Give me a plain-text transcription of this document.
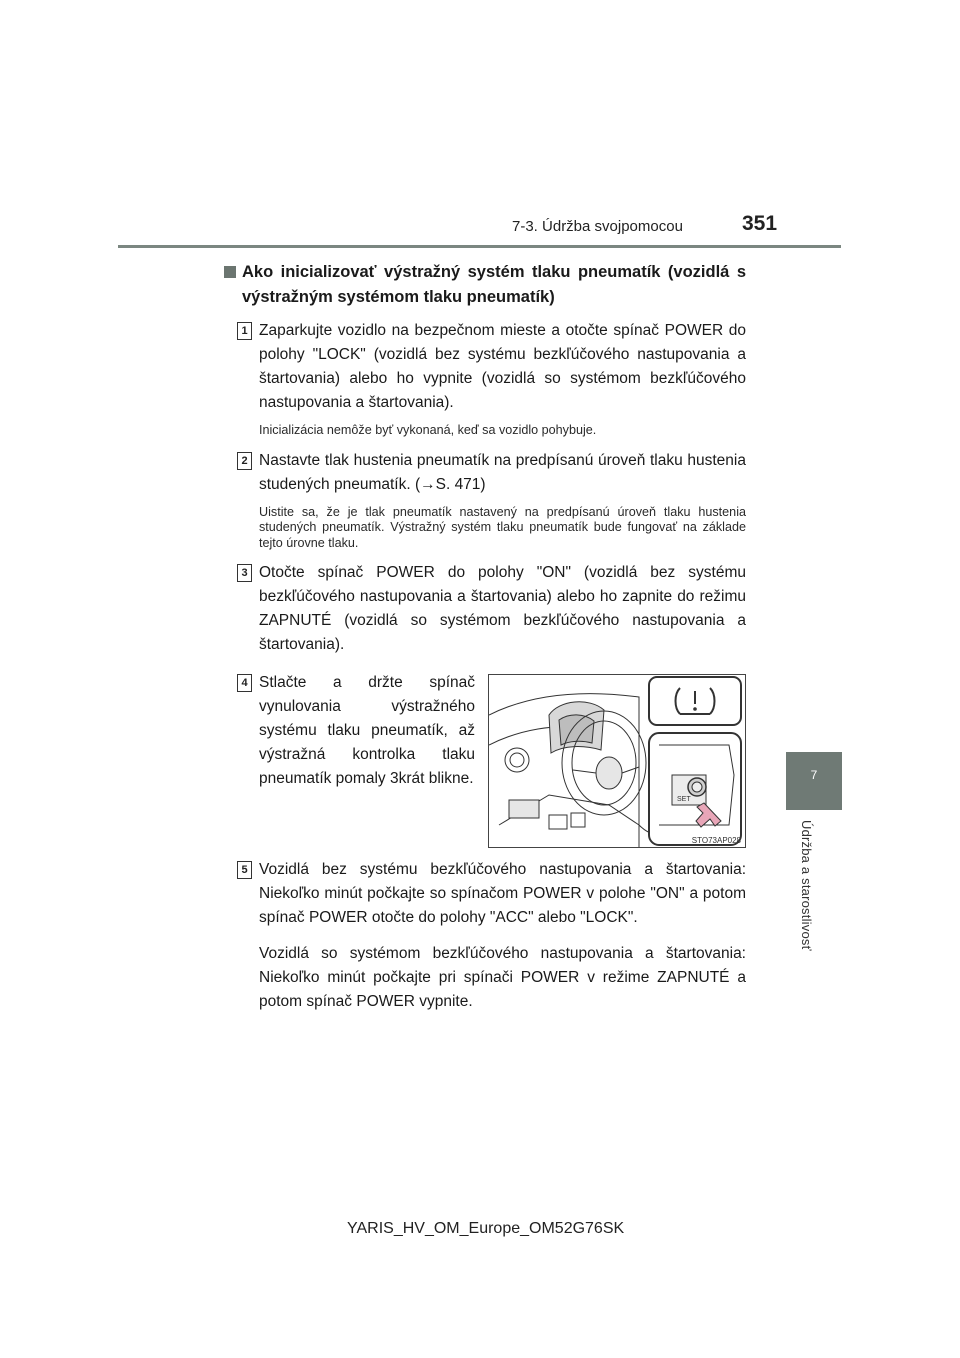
7-3. Údržba svojpomocou	351
7
Údržba a starostlivosť
Ako inicializovať výstražný systém tlaku pneumatík (vozidlá s výstražným systémom tlaku pneumatík)
1 Zaparkujte vozidlo na bezpečnom mieste a otočte spínač POWER do polohy "LOCK" (vozidlá bez systému bezkľúčového nastupovania a štartovania) alebo ho vypnite (vozidlá so systémom bezkľúčového nastupovania a štartovania).

Inicializácia nemôže byť vykonaná, keď sa vozidlo pohybuje.

2 Nastavte tlak hustenia pneumatík na predpísanú úroveň tlaku hustenia studených pneumatík. (→S. 471)

Uistite sa, že je tlak pneumatík nastavený na predpísanú úroveň tlaku hustenia studených pneumatík. Výstražný systém tlaku pneumatík bude fungovať na základe tejto úrovne tlaku.

3 Otočte spínač POWER do polohy "ON" (vozidlá bez systému bezkľúčového nastupovania a štartovania) alebo ho zapnite do režimu ZAPNUTÉ (vozidlá so systémom bezkľúčového nastupovania a štartovania).

4 Stlačte a držte spínač vynulovania výstražného systému tlaku pneumatík, až výstražná kontrolka tlaku pneumatík pomaly 3krát blikne.

SET
STO73AP028
5 Vozidlá bez systému bezkľúčového nastupovania a štartovania: Niekoľko minút počkajte so spínačom POWER v polohe "ON" a potom spínač POWER otočte do polohy "ACC" alebo "LOCK".

Vozidlá so systémom bezkľúčového nastupovania a štartovania: Niekoľko minút počkajte pri spínači POWER v režime ZAPNUTÉ a potom spínač POWER vypnite.

YARIS_HV_OM_Europe_OM52G76SK
